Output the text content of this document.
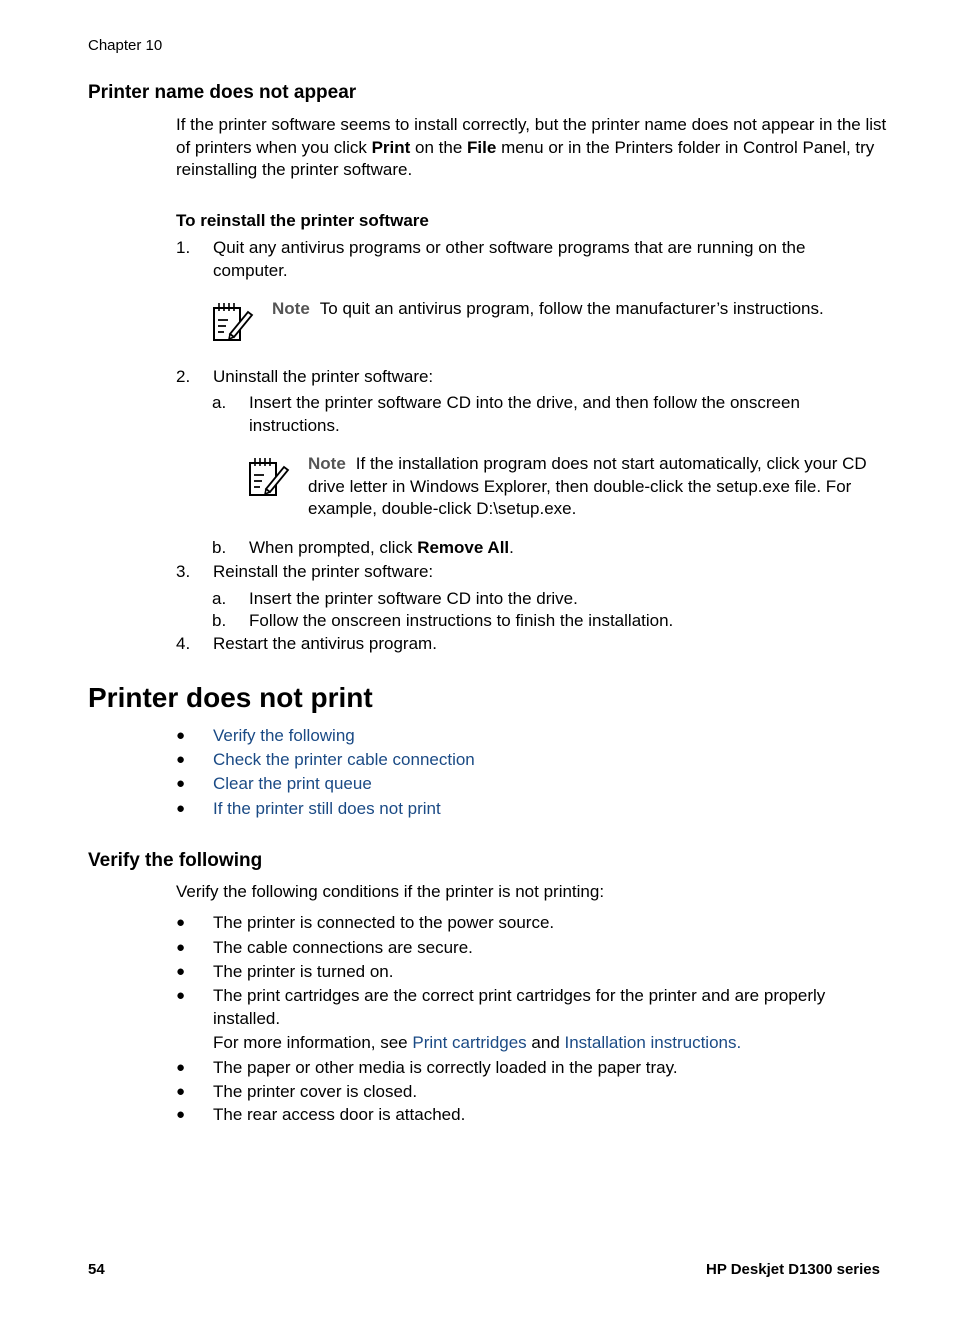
Chapter 10
Printer name does not appear
If the printer software seems to install correctly, but the printer name does not appear in the list of printers when you click Print on the File menu or in the Printers folder in Control Panel, try reinstalling the printer software.
To reinstall the printer software
1.	Quit any antivirus programs or other software programs that are running on the computer.
Note To quit an antivirus program, follow the manufacturer’s instructions.
2.	Uninstall the printer software:
a.	Insert the printer software CD into the drive, and then follow the onscreen instructions.
Note If the installation program does not start automatically, click your CD drive letter in Windows Explorer, then double-click the setup.exe file. For example, double-click D:\setup.exe.
b.	When prompted, click Remove All.
3.	Reinstall the printer software:
a.	Insert the printer software CD into the drive.
b.	Follow the onscreen instructions to finish the installation.
4.	Restart the antivirus program.
Printer does not print
● Verify the following
● Check the printer cable connection
● Clear the print queue
● If the printer still does not print
Verify the following
Verify the following conditions if the printer is not printing:
● The printer is connected to the power source.
● The cable connections are secure.
● The printer is turned on.
● The print cartridges are the correct print cartridges for the printer and are properly installed.
For more information, see Print cartridges and Installation instructions.
● The paper or other media is correctly loaded in the paper tray.
● The printer cover is closed.
● The rear access door is attached.
54	HP Deskjet D1300 series
